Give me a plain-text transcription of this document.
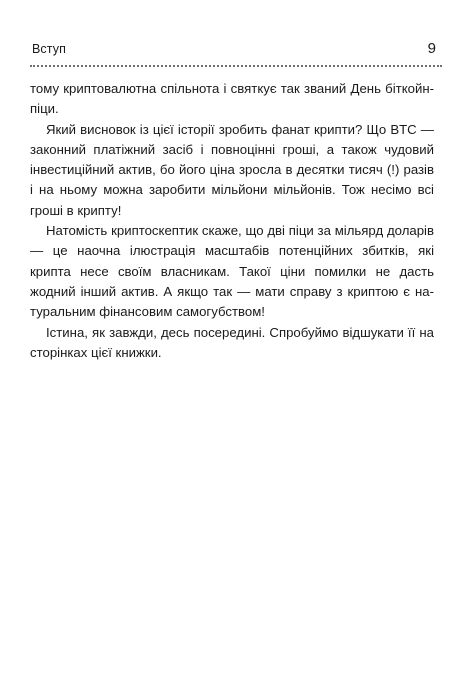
Вступ	9

тому криптовалютна спільнота і святкує так званий День біткойн-піци.

Який висновок із цієї історії зробить фанат крипти? Що BTC — законний платіжний засіб і повноцінні гроші, а також чудовий інвестиційний актив, бо його ціна зросла в десятки тисяч (!) разів і на ньому можна заробити мільйони мільйонів. Тож несімо всі гроші в крипту!

Натомість криптоскептик скаже, що дві піци за мільярд доларів — це наочна ілюстрація масштабів потенційних збитків, які крипта несе своїм власникам. Такої ціни помилки не дасть жодний інший актив. А якщо так — мати справу з криптою є натуральним фінансовим самогубством!

Істина, як завжди, десь посередині. Спробуймо відшукати її на сторінках цієї книжки.
